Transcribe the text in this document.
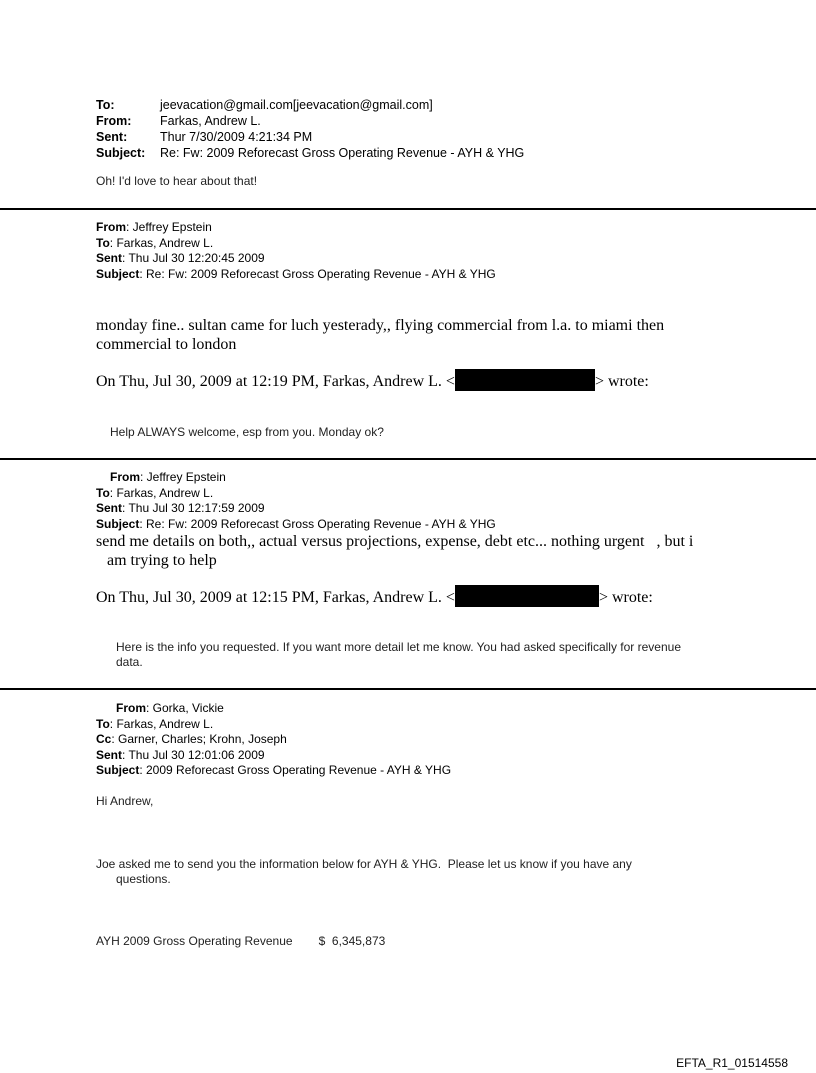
To:	jeevacation@gmail.com[jeevacation@gmail.com]
From:	Farkas, Andrew L.
Sent:	Thur 7/30/2009 4:21:34 PM
Subject:	Re: Fw: 2009 Reforecast Gross Operating Revenue - AYH & YHG
Oh! I'd love to hear about that!
From: Jeffrey Epstein
To: Farkas, Andrew L.
Sent: Thu Jul 30 12:20:45 2009
Subject: Re: Fw: 2009 Reforecast Gross Operating Revenue - AYH & YHG
monday fine.. sultan came for luch yesterady,, flying commercial from l.a. to miami then
commercial to london
On Thu, Jul 30, 2009 at 12:19 PM, Farkas, Andrew L. <	> wrote:
Help ALWAYS welcome, esp from you. Monday ok?
From: Jeffrey Epstein
To: Farkas, Andrew L.
Sent: Thu Jul 30 12:17:59 2009
Subject: Re: Fw: 2009 Reforecast Gross Operating Revenue - AYH & YHG
send me details on both,, actual versus projections, expense, debt etc... nothing urgent   , but i
am trying to help
On Thu, Jul 30, 2009 at 12:15 PM, Farkas, Andrew L. <	> wrote:
Here is the info you requested. If you want more detail let me know. You had asked specifically for revenue
data.
From: Gorka, Vickie
To: Farkas, Andrew L.
Cc: Garner, Charles; Krohn, Joseph
Sent: Thu Jul 30 12:01:06 2009
Subject: 2009 Reforecast Gross Operating Revenue - AYH & YHG
Hi Andrew,
Joe asked me to send you the information below for AYH & YHG.  Please let us know if you have any
questions.
AYH 2009 Gross Operating Revenue $  6,345,873
EFTA_R1_01514558
